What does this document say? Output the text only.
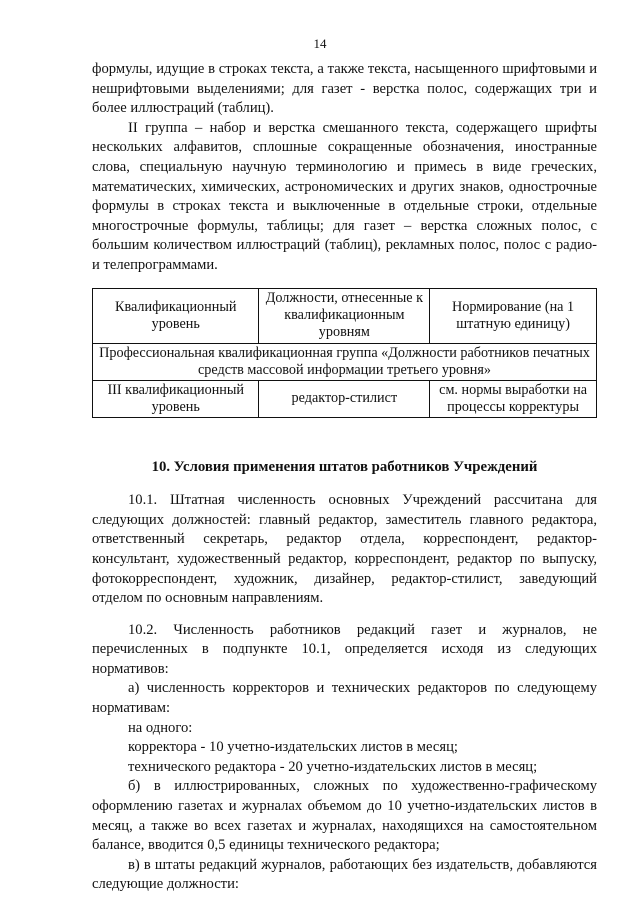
14

формулы, идущие в строках текста, а также текста, насыщенного шрифтовыми и нешрифтовыми выделениями; для газет - верстка полос, содержащих три и более иллюстраций (таблиц).

II группа – набор и верстка смешанного текста, содержащего шрифты нескольких алфавитов, сплошные сокращенные обозначения, иностранные слова, специальную научную терминологию и примесь в виде греческих, математических, химических, астрономических и других знаков, одностpочные формулы в строках текста и выключенные в отдельные строки, отдельные многострочные формулы, таблицы; для газет – верстка сложных полос, с большим количеством иллюстраций (таблиц), рекламных полос, полос с радио- и телепрограммами.

Квалификационный уровень	Должности, отнесенные к квалификационным уровням	Нормирование (на 1 штатную единицу)
Профессиональная квалификационная группа «Должности работников печатных средств массовой информации третьего уровня»		
III квалификационный уровень	редактор-стилист	см. нормы выработки на процессы корректуры
10. Условия применения штатов работников Учреждений

10.1. Штатная численность основных Учреждений рассчитана для следующих должностей: главный редактор, заместитель главного редактора, ответственный секретарь, редактор отдела, корреспондент, редактор-консультант, художественный редактор, корреспондент, редактор по выпуску, фотокорреспондент, художник, дизайнер, редактор-стилист, заведующий отделом по основным направлениям.

10.2. Численность работников редакций газет и журналов, не перечисленных в подпункте 10.1, определяется исходя из следующих нормативов:

а) численность корректоров и технических редакторов по следующему нормативам:

на одного:

корректора - 10 учетно-издательских листов в месяц;

технического редактора - 20 учетно-издательских листов в месяц;

б) в иллюстрированных, сложных по художественно-графическому оформлению газетах и журналах объемом до 10 учетно-издательских листов в месяц, а также во всех газетах и журналах, находящихся на самостоятельном балансе, вводится 0,5 единицы технического редактора;

в) в штаты редакций журналов, работающих без издательств, добавляются следующие должности:
